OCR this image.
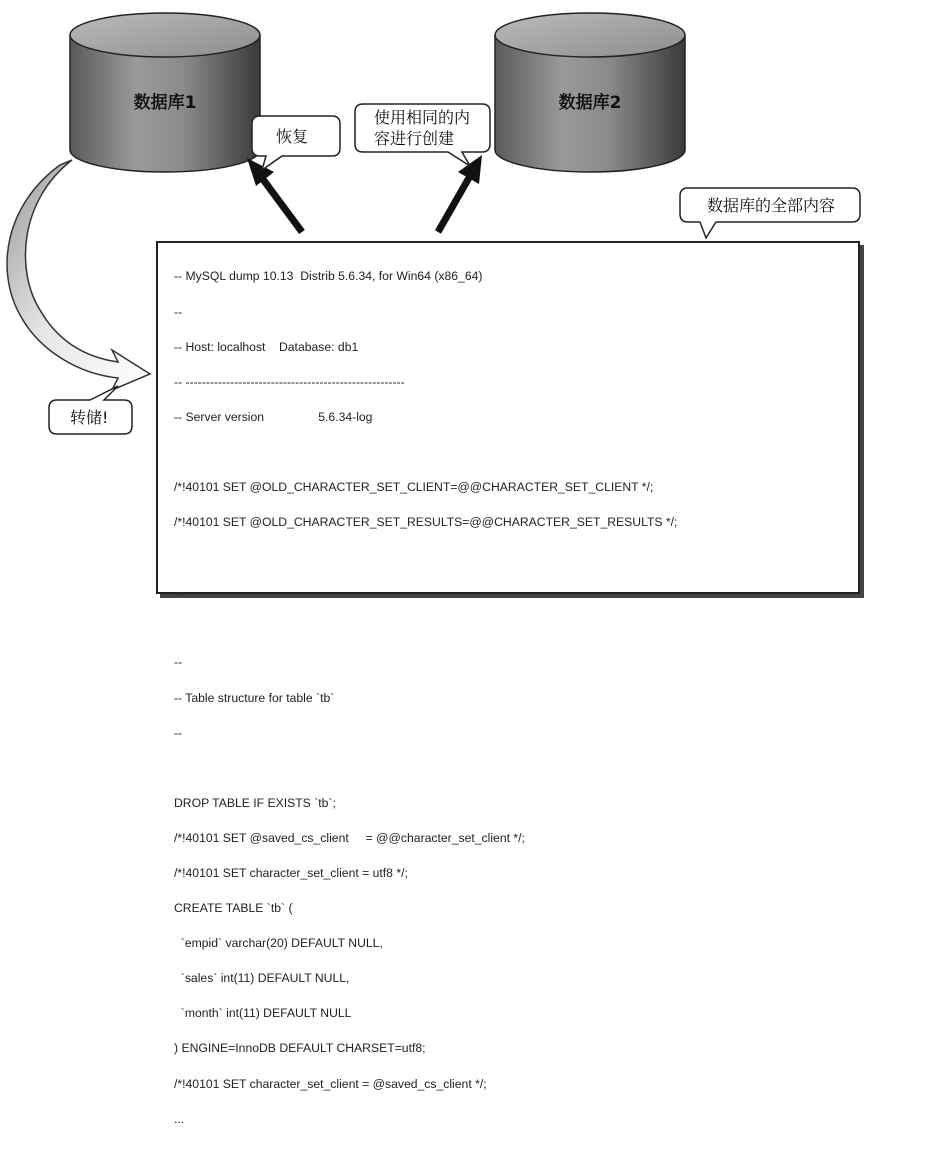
数据库1	数据库2
恢复
使用相同的内
容进行创建
数据库的全部内容
转储!

-- MySQL dump 10.13  Distrib 5.6.34, for Win64 (x86_64)

--

-- Host: localhost    Database: db1

-- ------------------------------------------------------

-- Server version                5.6.34-log

/*!40101 SET @OLD_CHARACTER_SET_CLIENT=@@CHARACTER_SET_CLIENT */;

/*!40101 SET @OLD_CHARACTER_SET_RESULTS=@@CHARACTER_SET_RESULTS */;

...

--

-- Table structure for table `tb`

--

DROP TABLE IF EXISTS `tb`;

/*!40101 SET @saved_cs_client     = @@character_set_client */;

/*!40101 SET character_set_client = utf8 */;

CREATE TABLE `tb` (

`empid` varchar(20) DEFAULT NULL,

`sales` int(11) DEFAULT NULL,

`month` int(11) DEFAULT NULL

) ENGINE=InnoDB DEFAULT CHARSET=utf8;

/*!40101 SET character_set_client = @saved_cs_client */;

...
